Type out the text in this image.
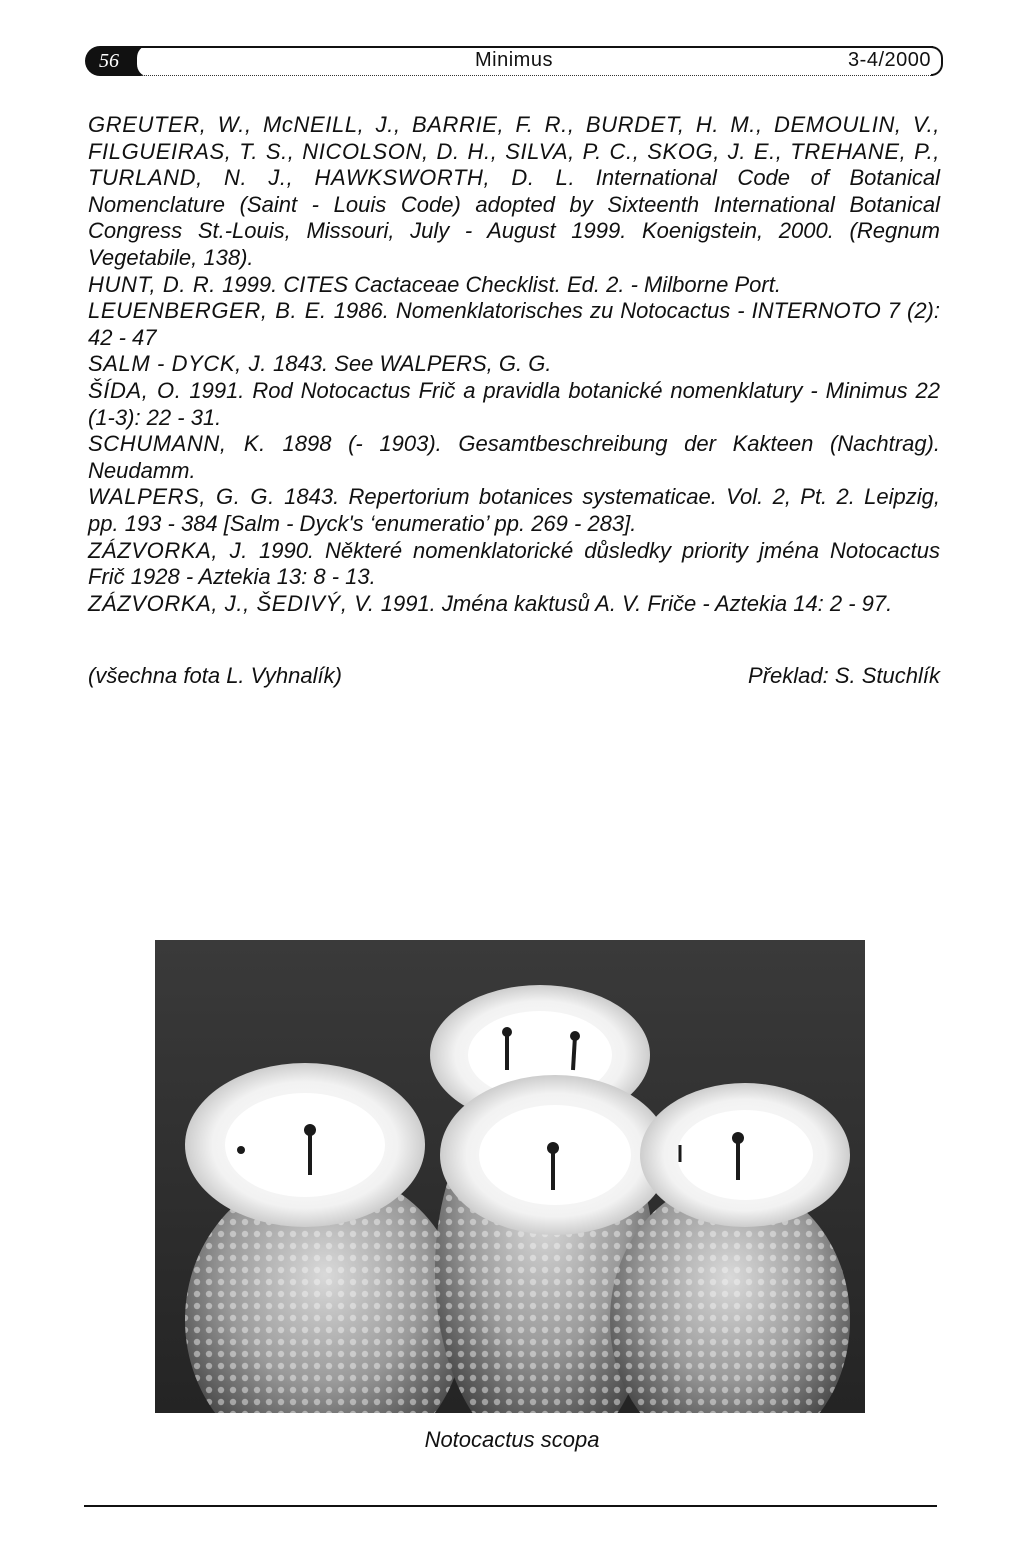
56	Minimus	3-4/2000

GREUTER, W., McNEILL, J., BARRIE, F. R., BURDET, H. M., DEMOULIN, V., FILGUEIRAS, T. S., NICOLSON, D. H., SILVA, P. C., SKOG, J. E., TREHANE, P., TURLAND, N. J., HAWKSWORTH, D. L. International Code of Botanical Nomenclature (Saint - Louis Code) adopted by Sixteenth International Botanical Congress St.-Louis, Missouri, July - August 1999. Koenigstein, 2000. (Regnum Vegetabile, 138).

HUNT, D. R. 1999. CITES Cactaceae Checklist. Ed. 2. - Milborne Port.

LEUENBERGER, B. E. 1986. Nomenklatorisches zu Notocactus - INTERNOTO 7 (2): 42 - 47

SALM - DYCK, J. 1843. See WALPERS, G. G.

ŠÍDA, O. 1991. Rod Notocactus Frič a pravidla botanické nomenklatury - Minimus 22 (1-3): 22 - 31.

SCHUMANN, K. 1898 (- 1903). Gesamtbeschreibung der Kakteen (Nachtrag). Neudamm.

WALPERS, G. G. 1843. Repertorium botanices systematicae. Vol. 2, Pt. 2. Leipzig, pp. 193 - 384 [Salm - Dyck's ‘enumeratio’ pp. 269 - 283].

ZÁZVORKA, J. 1990. Některé nomenklatorické důsledky priority jména Notocactus Frič 1928 - Aztekia 13: 8 - 13.

ZÁZVORKA, J., ŠEDIVÝ, V. 1991. Jména kaktusů A. V. Friče - Aztekia 14: 2 - 97.

(všechna fota L. Vyhnalík)	Překlad: S. Stuchlík
Notocactus scopa
